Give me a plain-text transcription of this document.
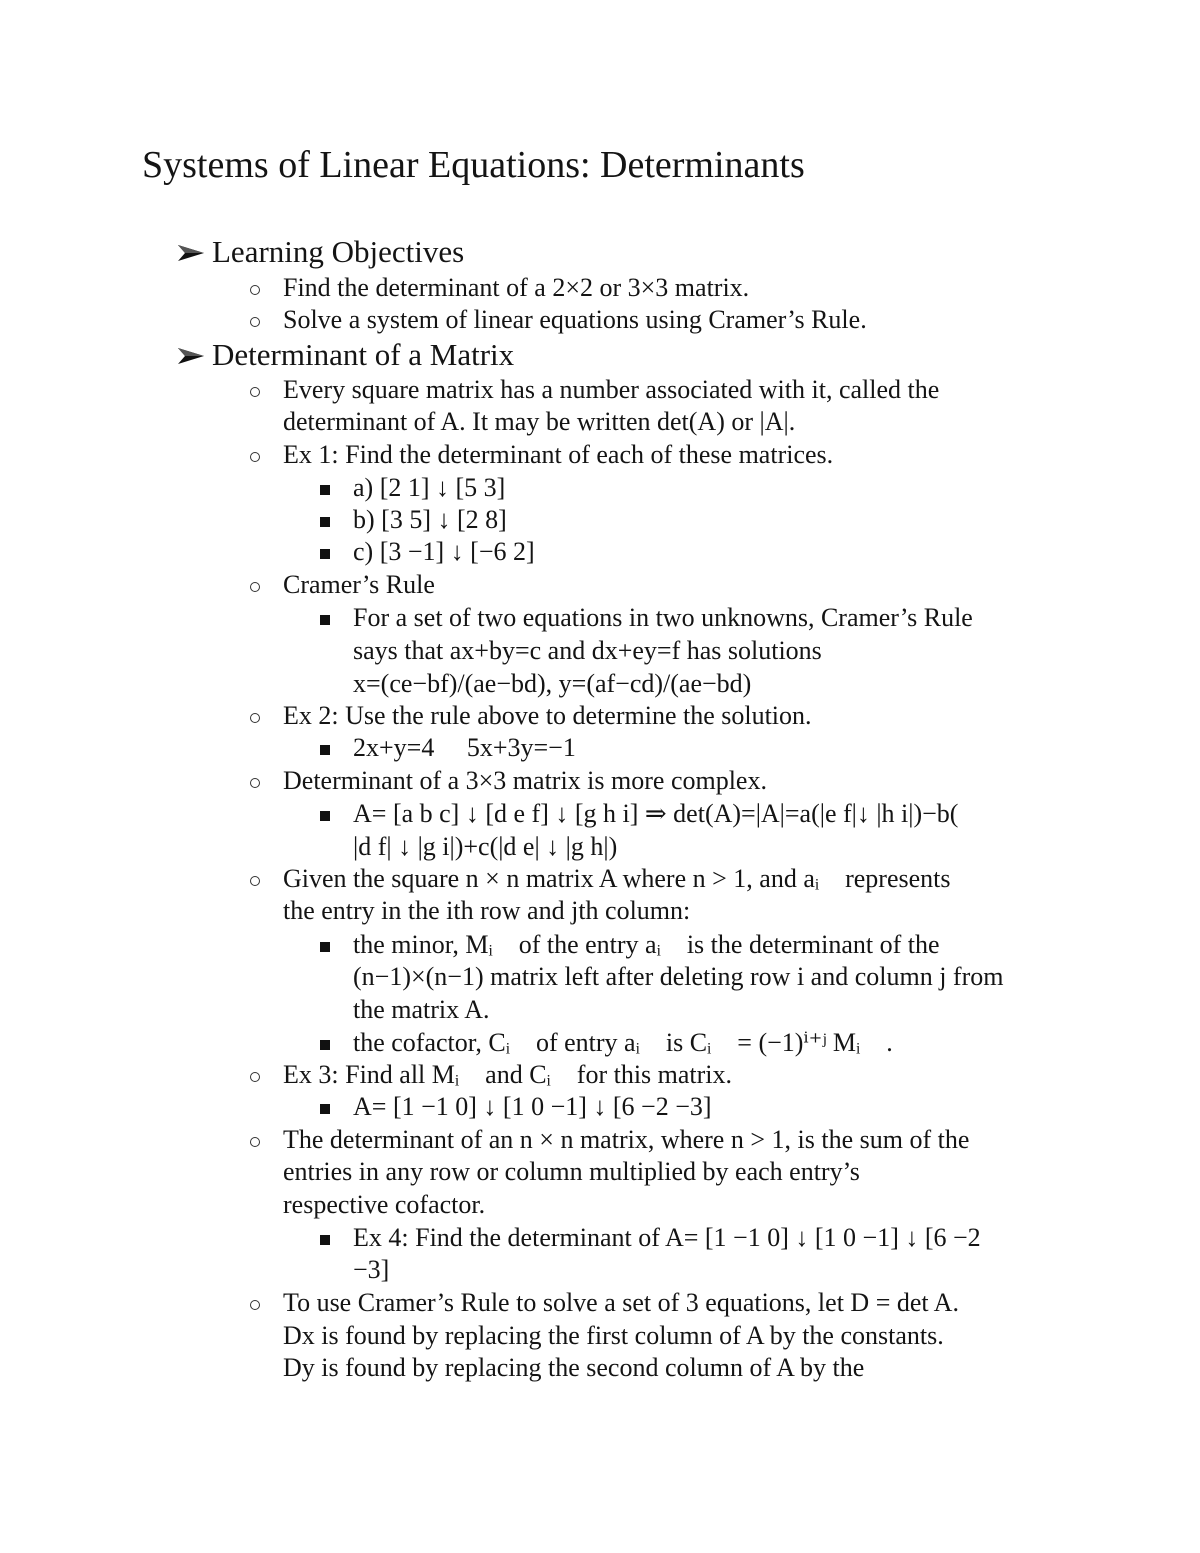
Systems of Linear Equations: Determinants
Learning Objectives
Find the determinant of a 2×2 or 3×3 matrix.
Solve a system of linear equations using Cramer’s Rule.
Determinant of a Matrix
Every square matrix has a number associated with it, called the
determinant of A. It may be written det(A) or |A|.
Ex 1: Find the determinant of each of these matrices.
a) [2 1] ↓ [5 3]
b) [3 5] ↓ [2 8]
c) [3 −1] ↓ [−6 2]
Cramer’s Rule
For a set of two equations in two unknowns, Cramer’s Rule
says that ax+by=c and dx+ey=f has solutions
x=(ce−bf)/(ae−bd), y=(af−cd)/(ae−bd)
Ex 2: Use the rule above to determine the solution.
2x+y=4     5x+3y=−1
Determinant of a 3×3 matrix is more complex.
A= [a b c] ↓ [d e f] ↓ [g h i] ⇒ det(A)=|A|=a(|e f|↓ |h i|)−b(
|d f| ↓ |g i|)+c(|d e| ↓ |g h|)
Given the square n × n matrix A where n > 1, and aᵢ    represents
the entry in the ith row and jth column:
the minor, Mᵢ    of the entry aᵢ    is the determinant of the
(n−1)×(n−1) matrix left after deleting row i and column j from
the matrix A.
the cofactor, Cᵢ    of entry aᵢ    is Cᵢ    = (−1)ⁱ⁺ʲ Mᵢ    .
Ex 3: Find all Mᵢ    and Cᵢ    for this matrix.
A= [1 −1 0] ↓ [1 0 −1] ↓ [6 −2 −3]
The determinant of an n × n matrix, where n > 1, is the sum of the
entries in any row or column multiplied by each entry’s
respective cofactor.
Ex 4: Find the determinant of A= [1 −1 0] ↓ [1 0 −1] ↓ [6 −2
−3]
To use Cramer’s Rule to solve a set of 3 equations, let D = det A.
Dx is found by replacing the first column of A by the constants.
Dy is found by replacing the second column of A by the
